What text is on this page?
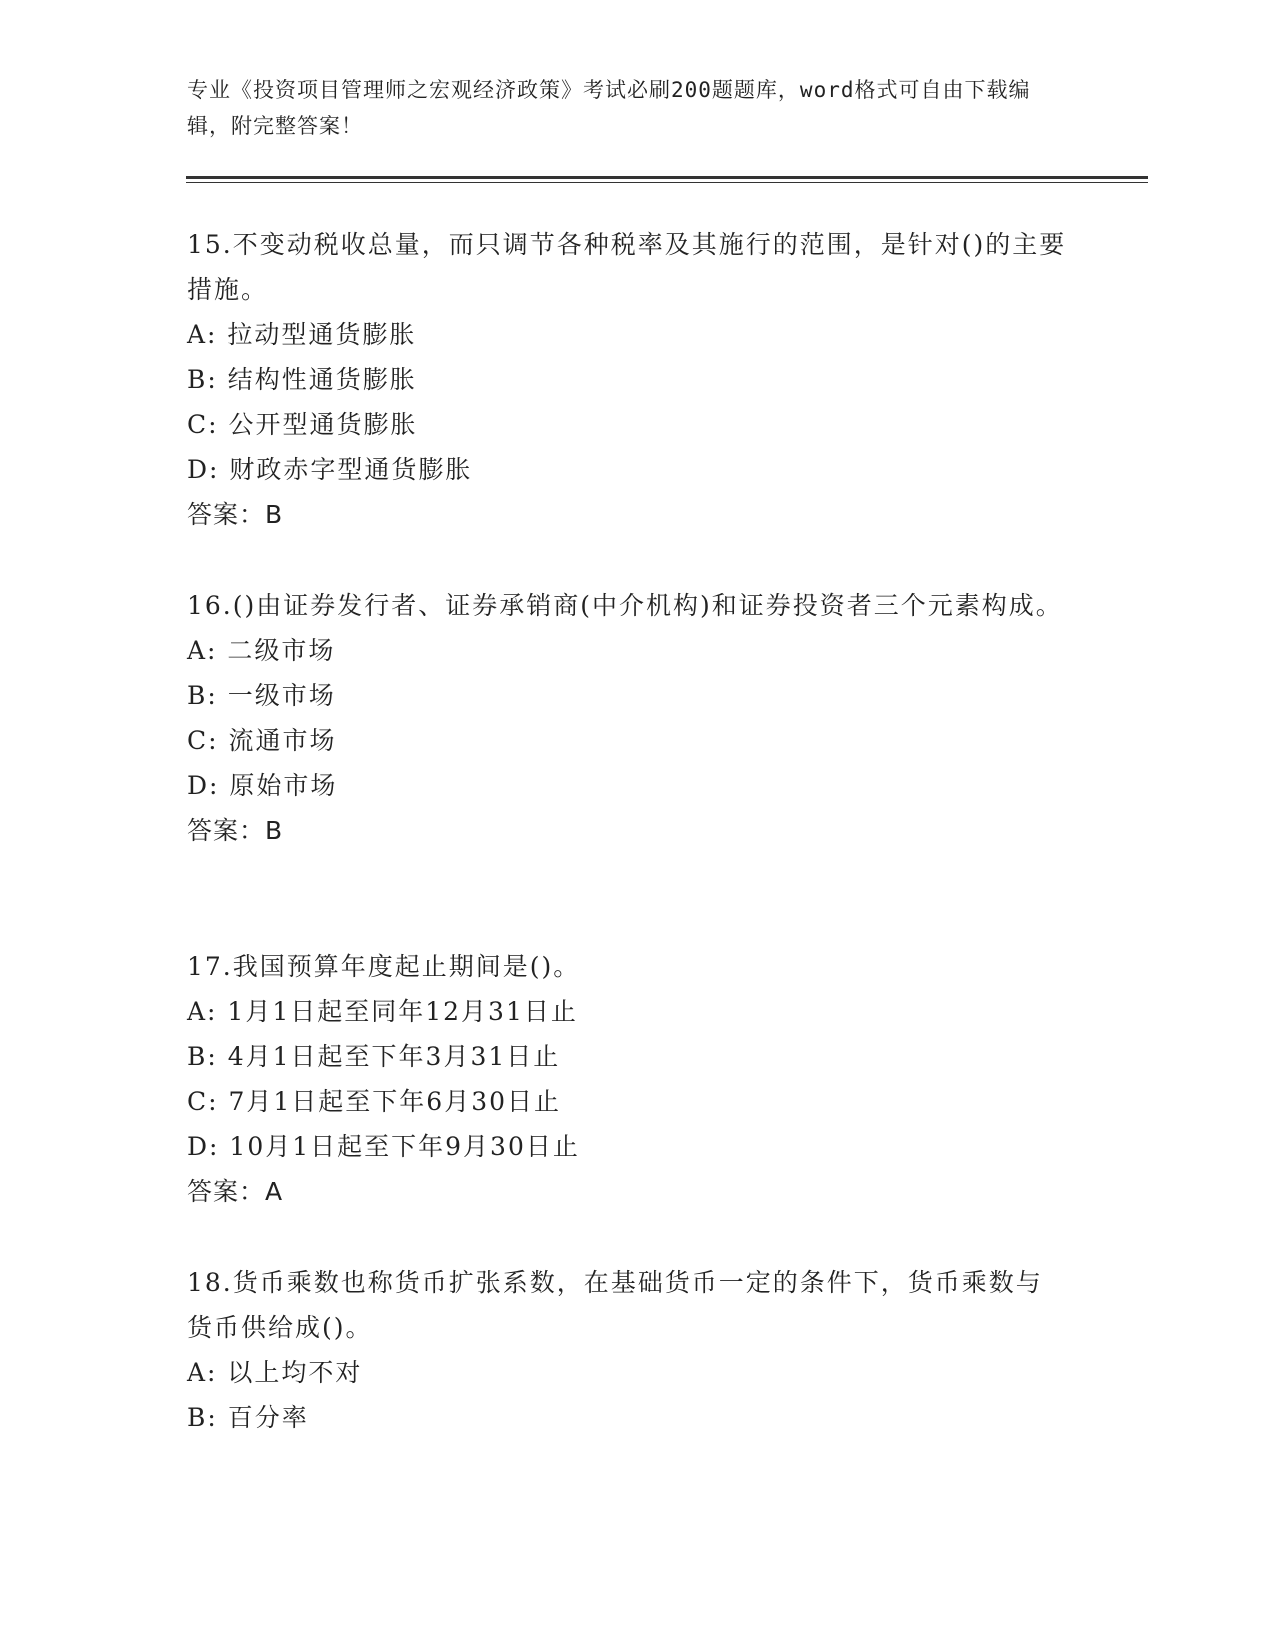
专业《投资项目管理师之宏观经济政策》考试必刷200题题库，word格式可自由下载编辑，附完整答案！

15.不变动税收总量，而只调节各种税率及其施行的范围，是针对()的主要措施。

A: 拉动型通货膨胀
B: 结构性通货膨胀
C: 公开型通货膨胀
D: 财政赤字型通货膨胀
答案：B

16.()由证券发行者、证券承销商(中介机构)和证券投资者三个元素构成。

A: 二级市场
B: 一级市场
C: 流通市场
D: 原始市场
答案：B

17.我国预算年度起止期间是()。

A: 1月1日起至同年12月31日止
B: 4月1日起至下年3月31日止
C: 7月1日起至下年6月30日止
D: 10月1日起至下年9月30日止
答案：A

18.货币乘数也称货币扩张系数，在基础货币一定的条件下，货币乘数与货币供给成()。

A: 以上均不对
B: 百分率
